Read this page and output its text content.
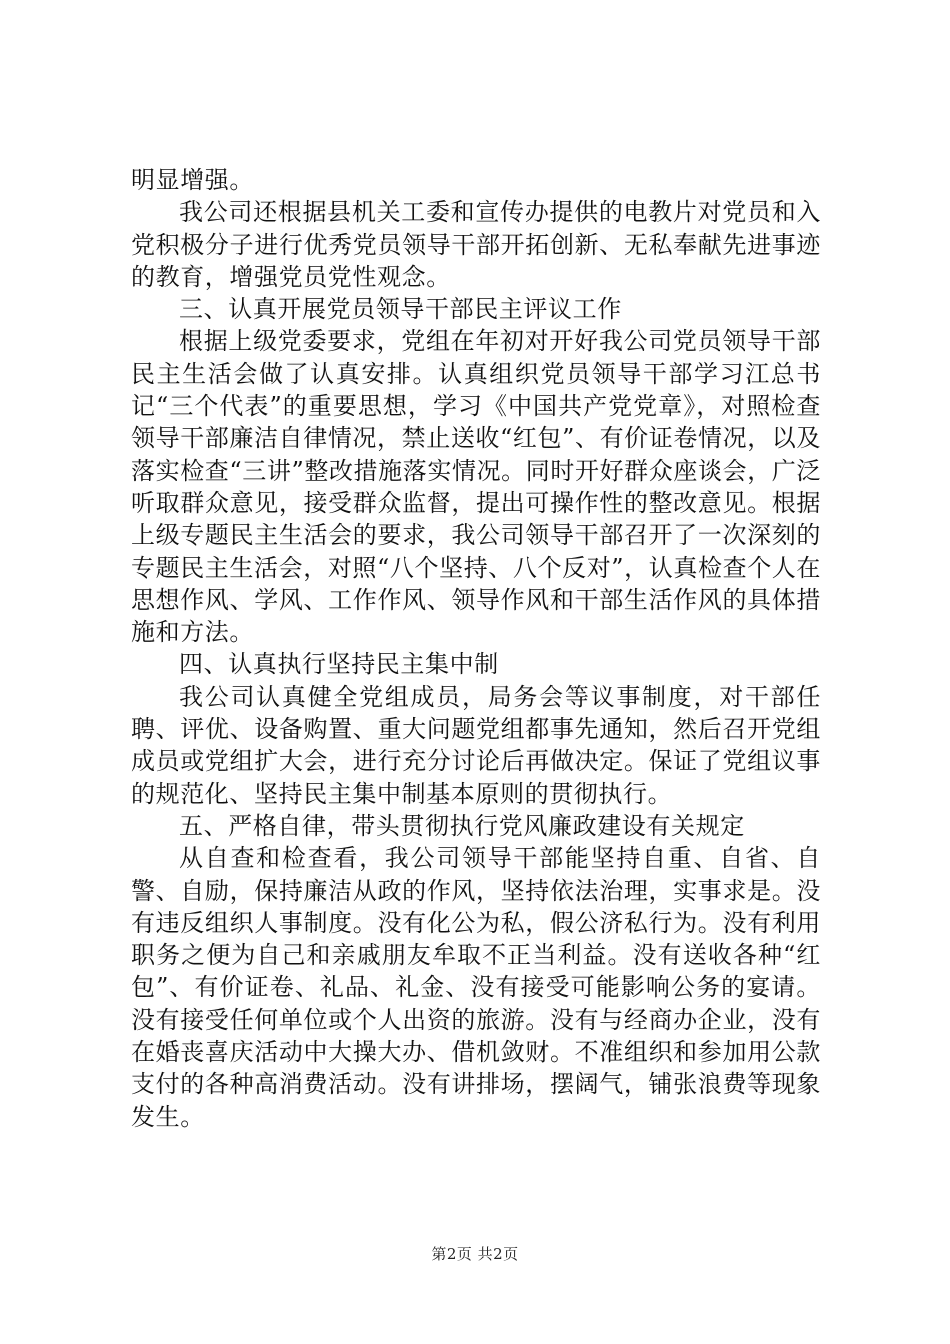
明显增强。

我公司还根据县机关工委和宣传办提供的电教片对党员和入党积极分子进行优秀党员领导干部开拓创新、无私奉献先进事迹的教育，增强党员党性观念。

三、认真开展党员领导干部民主评议工作

根据上级党委要求，党组在年初对开好我公司党员领导干部民主生活会做了认真安排。认真组织党员领导干部学习江总书记“三个代表”的重要思想，学习《中国共产党党章》，对照检查领导干部廉洁自律情况，禁止送收“红包”、有价证卷情况，以及落实检查“三讲”整改措施落实情况。同时开好群众座谈会，广泛听取群众意见，接受群众监督，提出可操作性的整改意见。根据上级专题民主生活会的要求，我公司领导干部召开了一次深刻的专题民主生活会，对照“八个坚持、八个反对”，认真检查个人在思想作风、学风、工作作风、领导作风和干部生活作风的具体措施和方法。

四、认真执行坚持民主集中制

我公司认真健全党组成员，局务会等议事制度，对干部任聘、评优、设备购置、重大问题党组都事先通知，然后召开党组成员或党组扩大会，进行充分讨论后再做决定。保证了党组议事的规范化、坚持民主集中制基本原则的贯彻执行。

五、严格自律，带头贯彻执行党风廉政建设有关规定

从自查和检查看，我公司领导干部能坚持自重、自省、自警、自励，保持廉洁从政的作风，坚持依法治理，实事求是。没有违反组织人事制度。没有化公为私，假公济私行为。没有利用职务之便为自己和亲戚朋友牟取不正当利益。没有送收各种“红包”、有价证卷、礼品、礼金、没有接受可能影响公务的宴请。没有接受任何单位或个人出资的旅游。没有与经商办企业，没有在婚丧喜庆活动中大操大办、借机敛财。不准组织和参加用公款支付的各种高消费活动。没有讲排场，摆阔气，铺张浪费等现象发生。

第2页 共2页
